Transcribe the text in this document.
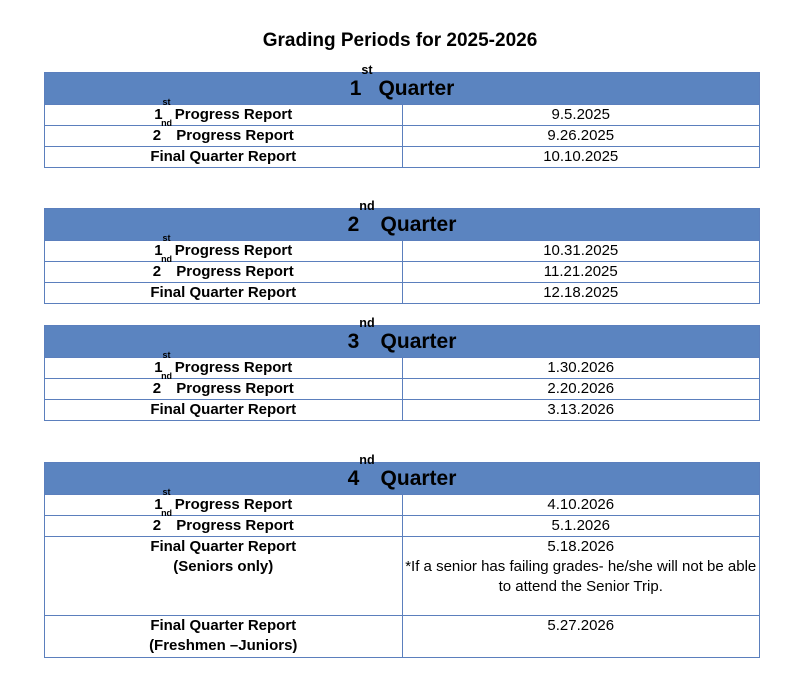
Grading Periods for 2025-2026
1st Quarter	
1st Progress Report	9.5.2025
2nd Progress Report	9.26.2025
Final Quarter Report	10.10.2025
2nd Quarter	
1st Progress Report	10.31.2025
2nd Progress Report	11.21.2025
Final Quarter Report	12.18.2025
3nd Quarter	
1st Progress Report	1.30.2026
2nd Progress Report	2.20.2026
Final Quarter Report	3.13.2026
4nd Quarter	
1st Progress Report	4.10.2026
2nd Progress Report	5.1.2026

Final Quarter Report
(Seniors only)	5.18.2026
*If a senior has failing grades- he/she will not be able to attend the Senior Trip.

Final Quarter Report
(Freshmen –Juniors)	5.27.2026
